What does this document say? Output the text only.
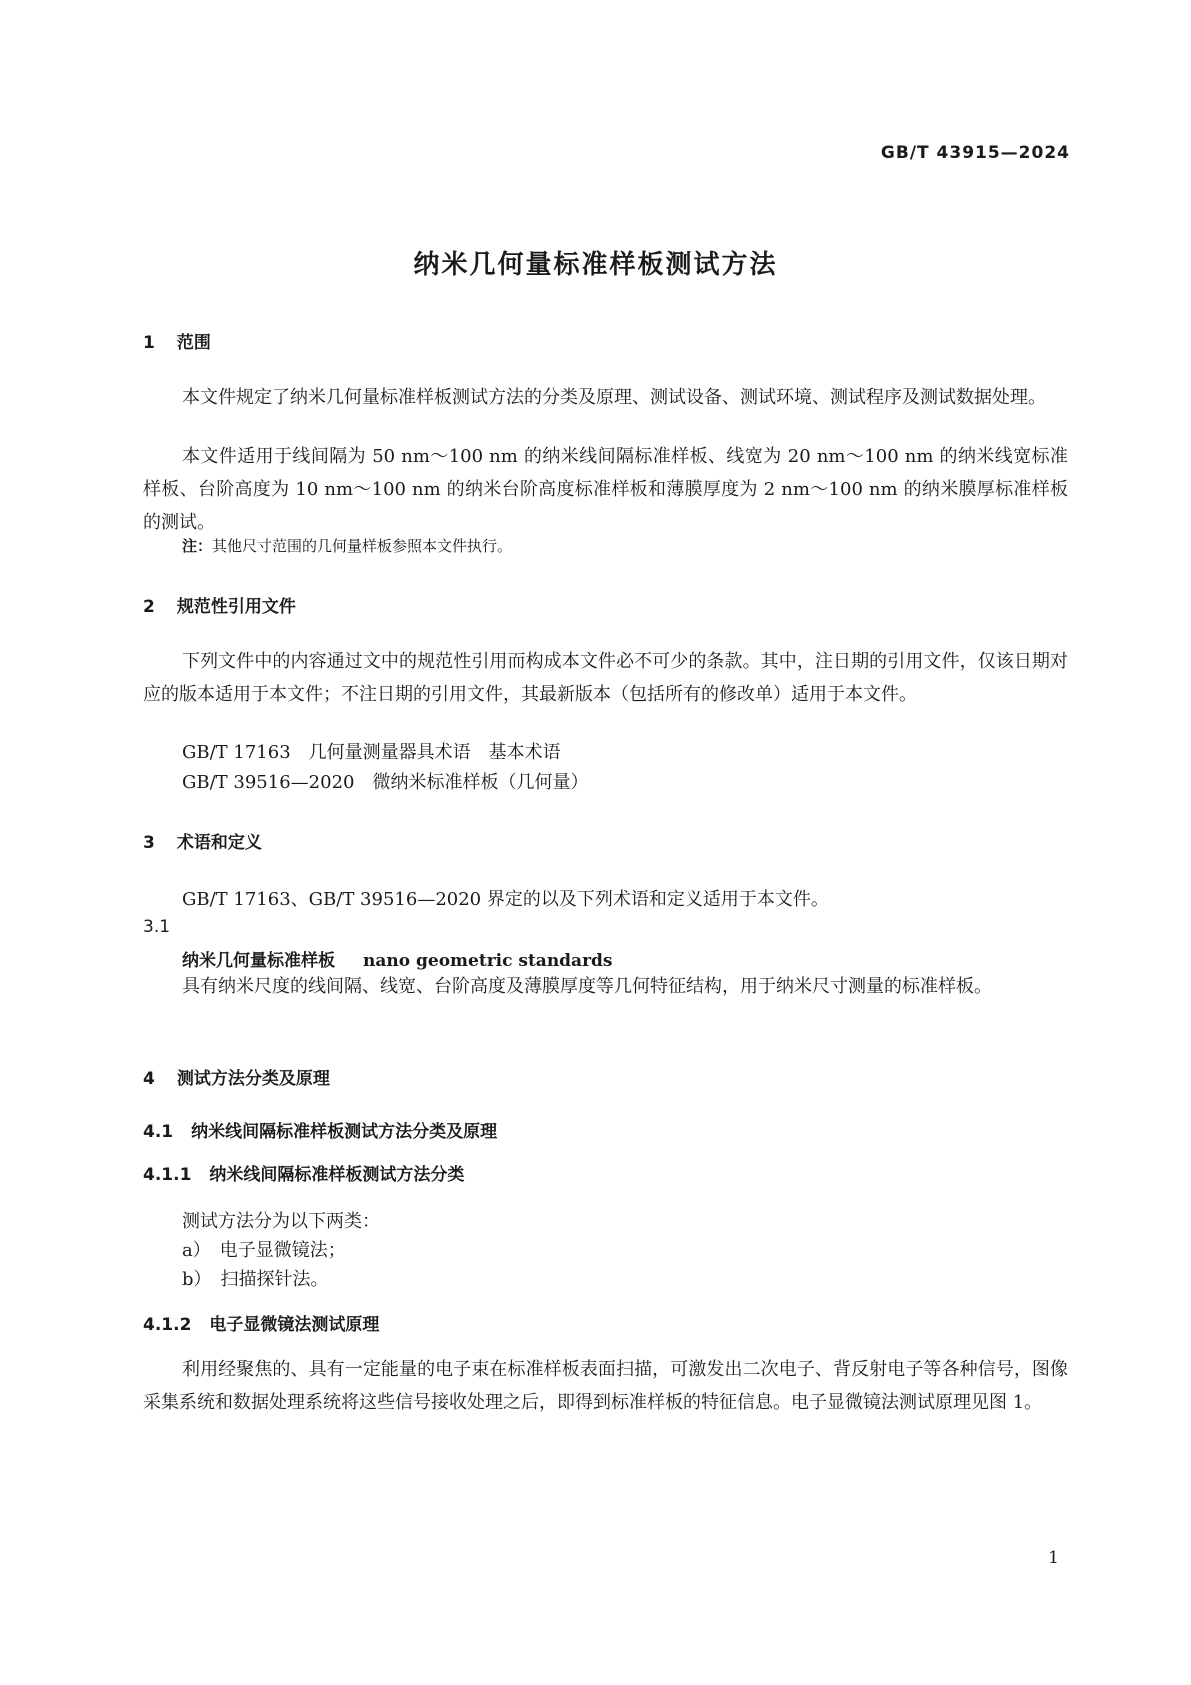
GB/T 43915—2024
纳米几何量标准样板测试方法
1 范围
本文件规定了纳米几何量标准样板测试方法的分类及原理、测试设备、测试环境、测试程序及测试数据处理。
本文件适用于线间隔为 50 nm～100 nm 的纳米线间隔标准样板、线宽为 20 nm～100 nm 的纳米线宽标准样板、台阶高度为 10 nm～100 nm 的纳米台阶高度标准样板和薄膜厚度为 2 nm～100 nm 的纳米膜厚标准样板的测试。
注：其他尺寸范围的几何量样板参照本文件执行。
2 规范性引用文件
下列文件中的内容通过文中的规范性引用而构成本文件必不可少的条款。其中，注日期的引用文件，仅该日期对应的版本适用于本文件；不注日期的引用文件，其最新版本（包括所有的修改单）适用于本文件。
GB/T 17163　几何量测量器具术语　基本术语
GB/T 39516—2020　微纳米标准样板（几何量）
3 术语和定义
GB/T 17163、GB/T 39516—2020 界定的以及下列术语和定义适用于本文件。
3.1
纳米几何量标准样板 nano geometric standards
具有纳米尺度的线间隔、线宽、台阶高度及薄膜厚度等几何特征结构，用于纳米尺寸测量的标准样板。
4 测试方法分类及原理
4.1 纳米线间隔标准样板测试方法分类及原理
4.1.1 纳米线间隔标准样板测试方法分类
测试方法分为以下两类：
a）　电子显微镜法；
b）　扫描探针法。
4.1.2 电子显微镜法测试原理
利用经聚焦的、具有一定能量的电子束在标准样板表面扫描，可激发出二次电子、背反射电子等各种信号，图像采集系统和数据处理系统将这些信号接收处理之后，即得到标准样板的特征信息。电子显微镜法测试原理见图 1。
1
